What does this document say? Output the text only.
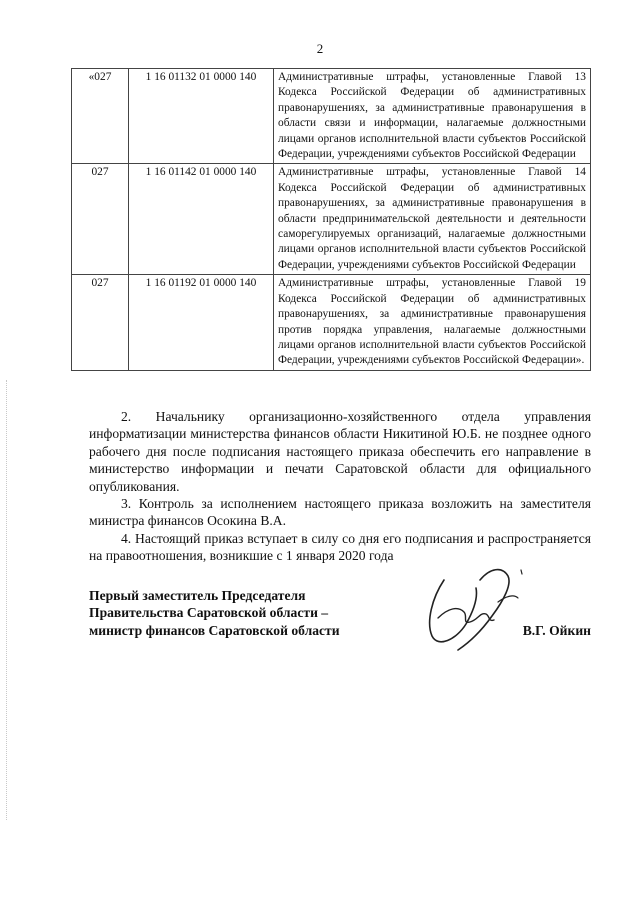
2
«027	1 16 01132 01 0000 140	Административные штрафы, установленные Главой 13 Кодекса Российской Федерации об административных правонарушениях, за административные правонарушения в области связи и информации, налагаемые должностными лицами органов исполнительной власти субъектов Российской Федерации, учреждениями субъектов Российской Федерации
027	1 16 01142 01 0000 140	Административные штрафы, установленные Главой 14 Кодекса Российской Федерации об административных правонарушениях, за административные правонарушения в области предпринимательской деятельности и деятельности саморегулируемых организаций, налагаемые должностными лицами органов исполнительной власти субъектов Российской Федерации, учреждениями субъектов Российской Федерации
027	1 16 01192 01 0000 140	Административные штрафы, установленные Главой 19 Кодекса Российской Федерации об административных правонарушениях, за административные правонарушения против порядка управления, налагаемые должностными лицами органов исполнительной власти субъектов Российской Федерации, учреждениями субъектов Российской Федерации».

2. Начальнику организационно-хозяйственного отдела управления информатизации министерства финансов области Никитиной Ю.Б. не позднее одного рабочего дня после подписания настоящего приказа обеспечить его направление в министерство информации и печати Саратовской области для официального опубликования.

3. Контроль за исполнением настоящего приказа возложить на заместителя министра финансов Осокина В.А.

4. Настоящий приказ вступает в силу со дня его подписания и распространяется на правоотношения, возникшие с 1 января 2020 года

Первый заместитель Председателя
Правительства Саратовской области –
министр финансов Саратовской области	В.Г. Ойкин
